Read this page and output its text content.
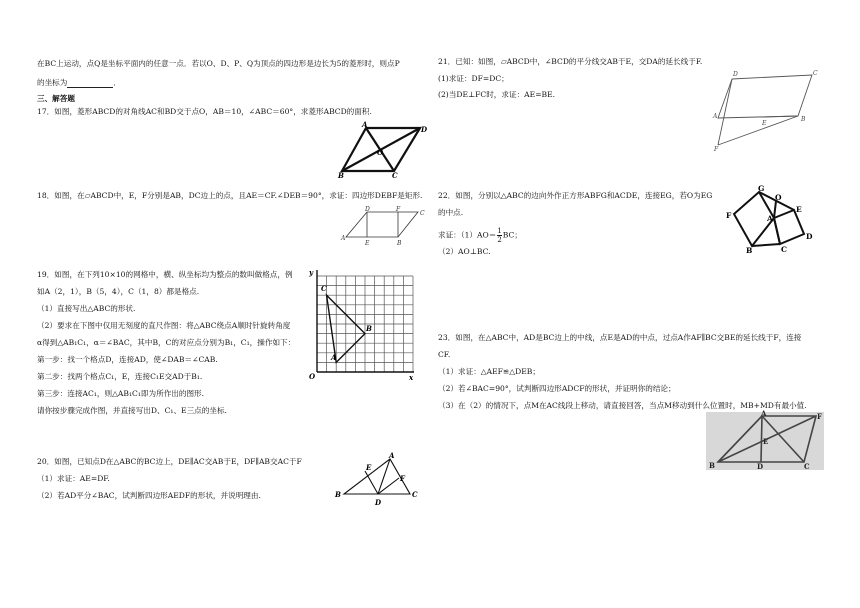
在BC上运动，点Q是坐标平面内的任意一点．若以O、D、P、Q为顶点的四边形是边长为5的菱形时，则点P
的坐标为	．
三、解答题
17．如图，菱形ABCD的对角线AC和BD交于点O，AB＝10，∠ABC＝60°，求菱形ABCD的面积.
A
D
O
B	C
18．如图，在▱ABCD中，E，F分别是AB，DC边上的点，且AE＝CF.∠DEB＝90°，求证：四边形DEBF是矩形.
A
E	B
D	F
C
19．如图，在下列10×10的网格中，横、纵坐标均为整点的数叫做格点，例
如A（2，1），B（5，4），C（1，8）都是格点.
（1）直接写出△ABC的形状.
（2）要求在下图中仅用无刻度的直尺作图：将△ABC绕点A顺时针旋转角度
α得到△AB₁C₁，α＝∠BAC，其中B，C的对应点分别为B₁，C₁，操作如下：
第一步：找一个格点D，连接AD，使∠DAB＝∠CAB.
第二步：找两个格点C₁，E，连接C₁E交AD于B₁.
第三步：连接AC₁，则△AB₁C₁即为所作出的图形.
请你按步骤完成作图，并直接写出D、C₁、E三点的坐标.
y
x
O
A
B
C
20．如图，已知点D在△ABC的BC边上，DE∥AC交AB于E，DF∥AB交AC于F
（1）求证：AE=DF.
（2）若AD平分∠BAC，试判断四边形AEDF的形状，并说明理由.
A
E
F
B	C
D
21．已知：如图，▱ABCD中，∠BCD的平分线交AB于E，交DA的延长线于F.
(1)求证：DF=DC；
(2)当DE⊥FC时，求证：AE=BE.
D	C
A
E
B
F
22．如图，分别以△ABC的边向外作正方形ABFG和ACDE，连接EG，若O为EG
的中点.
求证：$(1)AO= \frac{1}{2}$ BC；
（2）AO⊥BC.
G
F
O
E
A
D
B	C
23．如图，在△ABC中，AD是BC边上的中线，点E是AD的中点，过点A作AF∥BC交BE的延长线于F，连接
CF.
（1）求证：△AEF≌△DEB；
（2）若∠BAC=90°，试判断四边形ADCF的形状，并证明你的结论；
（3）在（2）的情况下，点M在AC线段上移动，请直接回答，当点M移动到什么位置时，MB+MD有最小值.
A	F
E
B	D	C
